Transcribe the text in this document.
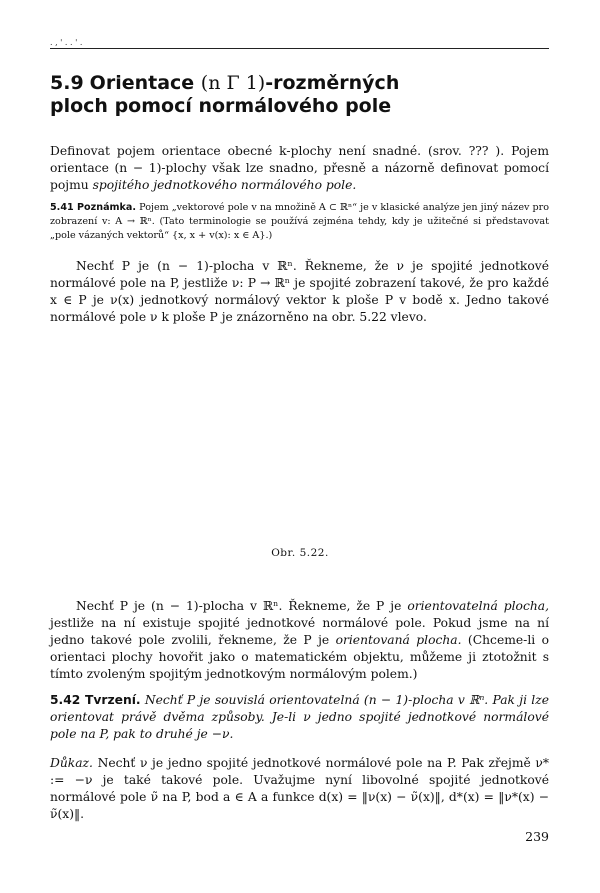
. , ' . . ' .
5.9 Orientace (n Γ 1)-rozměrných
ploch pomocí normálového pole

Definovat pojem orientace obecné k-plochy není snadné. (srov. ??? ). Pojem orientace (n − 1)-plochy však lze snadno, přesně a názorně definovat pomocí pojmu spojitého jednotkového normálového pole.

5.41 Poznámka. Pojem „vektorové pole v na množině A ⊂ ℝⁿ“ je v klasické analýze jen jiný název pro zobrazení v: A → ℝⁿ. (Tato terminologie se používá zejména tehdy, kdy je užitečné si představovat „pole vázaných vektorů“ {x, x + v(x): x ∈ A}.)

Nechť P je (n − 1)-plocha v ℝⁿ. Řekneme, že ν je spojité jednotkové normálové pole na P, jestliže ν: P → ℝⁿ je spojité zobrazení takové, že pro každé x ∈ P je ν(x) jednotkový normálový vektor k ploše P v bodě x. Jedno takové normálové pole ν k ploše P je znázorněno na obr. 5.22 vlevo.

Obr. 5.22.

Nechť P je (n − 1)-plocha v ℝⁿ. Řekneme, že P je orientovatelná plocha, jestliže na ní existuje spojité jednotkové normálové pole. Pokud jsme na ní jedno takové pole zvolili, řekneme, že P je orientovaná plocha. (Chceme-li o orientaci plochy hovořit jako o matematickém objektu, můžeme ji ztotožnit s tímto zvoleným spojitým jednotkovým normálovým polem.)

5.42 Tvrzení. Nechť P je souvislá orientovatelná (n − 1)-plocha v ℝⁿ. Pak ji lze orientovat právě dvěma způsoby. Je-li ν jedno spojité jednotkové normálové pole na P, pak to druhé je −ν.

Důkaz. Nechť ν je jedno spojité jednotkové normálové pole na P. Pak zřejmě ν* := −ν je také takové pole. Uvažujme nyní libovolné spojité jednotkové normálové pole ν̃ na P, bod a ∈ A a funkce d(x) = ‖ν(x) − ν̃(x)‖, d*(x) = ‖ν*(x) − ν̃(x)‖.

239
